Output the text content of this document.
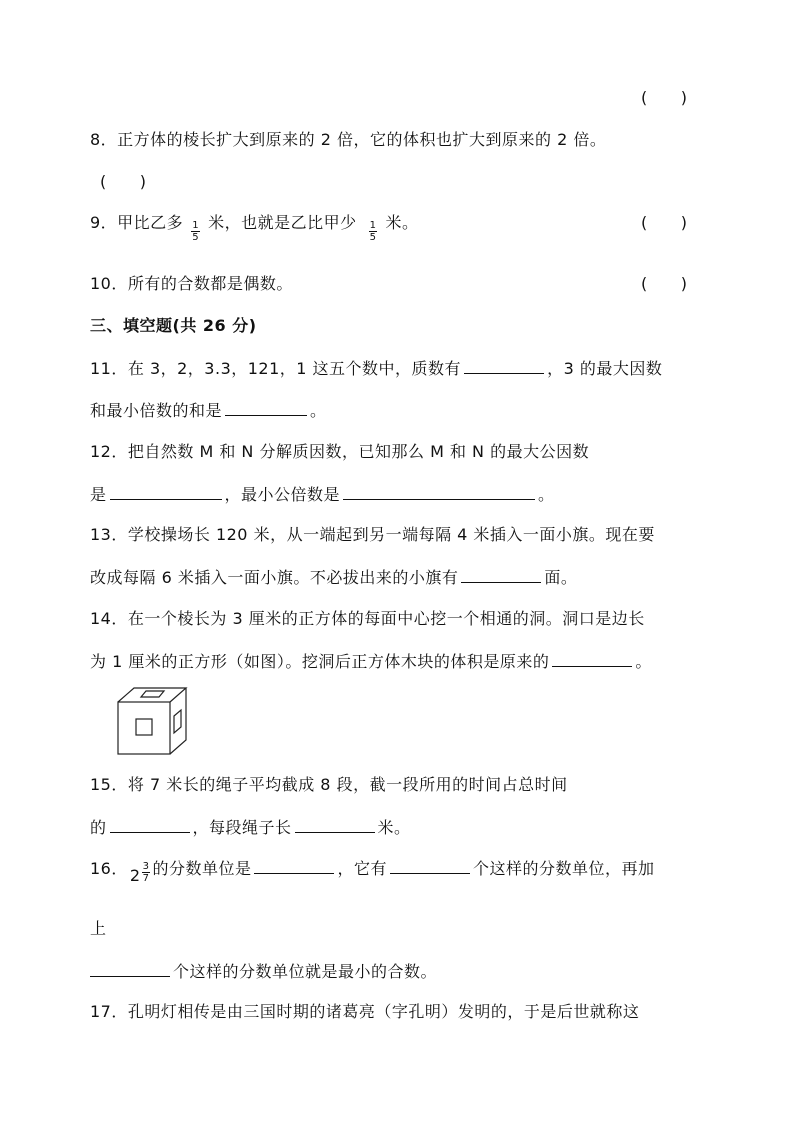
(　　)
8．正方体的棱长扩大到原来的 2 倍，它的体积也扩大到原来的 2 倍。
(　　)
9．甲比乙多 $\frac{1}{5}$ 米，也就是乙比甲少 $\frac{1}{5}$ 米。	(　　)
10．所有的合数都是偶数。	(　　)
三、填空题(共 26 分)
11．在 3，2，3.3，121，1 这五个数中，质数有	，3 的最大因数
和最小倍数的和是	。
12．把自然数 M 和 N 分解质因数，已知那么 M 和 N 的最大公因数
是	，最小公倍数是	。
13．学校操场长 120 米，从一端起到另一端每隔 4 米插入一面小旗。现在要
改成每隔 6 米插入一面小旗。不必拔出来的小旗有	面。
14．在一个棱长为 3 厘米的正方体的每面中心挖一个相通的洞。洞口是边长
为 1 厘米的正方形（如图）。挖洞后正方体木块的体积是原来的	。
15．将 7 米长的绳子平均截成 8 段，截一段所用的时间占总时间
的	，每段绳子长	米。
16． $2 \frac{3}{7}$ 的分数单位是	，它有	个这样的分数单位，再加
上
个这样的分数单位就是最小的合数。
17．孔明灯相传是由三国时期的诸葛亮（字孔明）发明的，于是后世就称这
